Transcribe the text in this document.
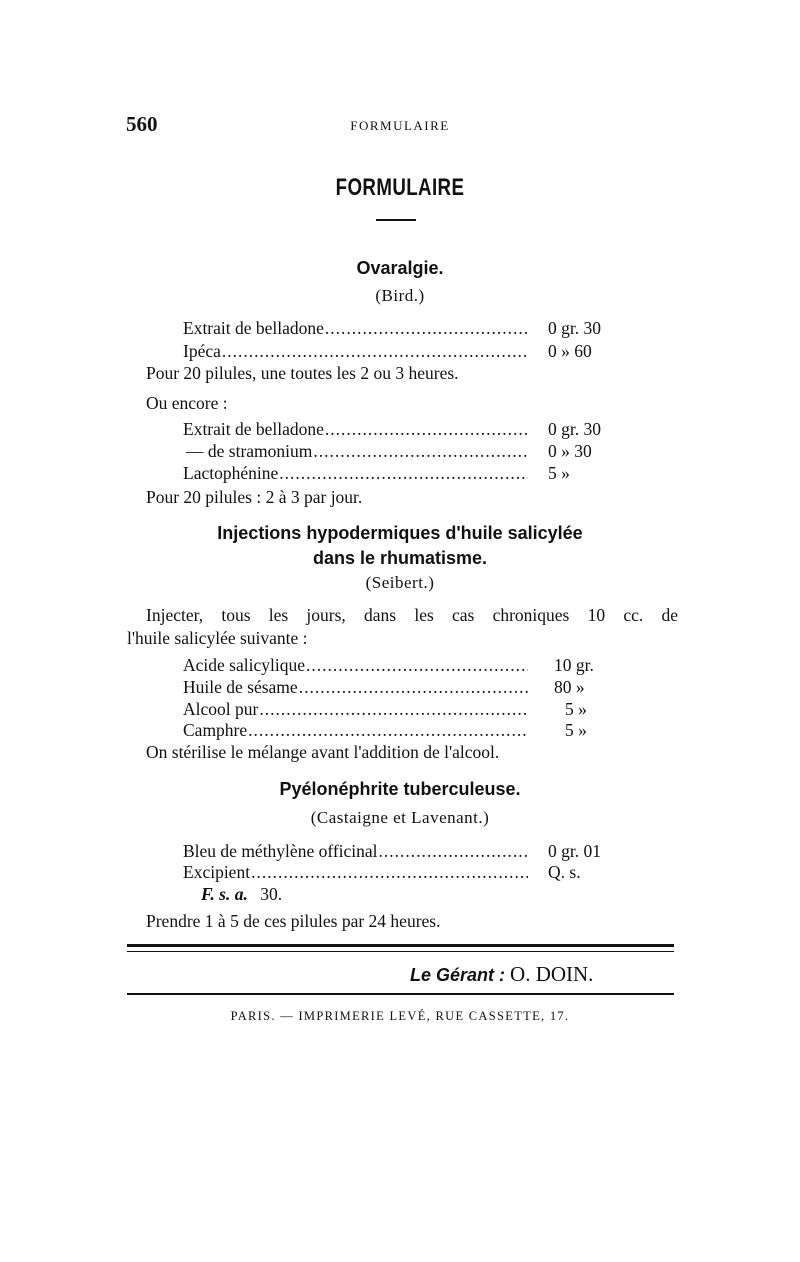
560	FORMULAIRE
FORMULAIRE
Ovaralgie.
(Bird.)
Extrait de belladone .....	0 gr. 30
Ipéca .....	0 » 60
Pour 20 pilules, une toutes les 2 ou 3 heures.
Ou encore :
Extrait de belladone .....	0 gr. 30
— de stramonium .....	0 » 30
Lactophénine .....	5 »
Pour 20 pilules : 2 à 3 par jour.
Injections hypodermiques d'huile salicylée
dans le rhumatisme.
(Seibert.)
Injecter, tous les jours, dans les cas chroniques 10 cc. de
l'huile salicylée suivante :
Acide salicylique .....	10 gr.
Huile de sésame .....	80 »
Alcool pur .....	5 »
Camphre .....	5 »
On stérilise le mélange avant l'addition de l'alcool.
Pyélonéphrite tuberculeuse.
(Castaigne et Lavenant.)
Bleu de méthylène officinal .....	0 gr. 01
Excipient .....	Q. s.
F. s. a. 30.
Prendre 1 à 5 de ces pilules par 24 heures.
Le Gérant : O. DOIN.
PARIS. — IMPRIMERIE LEVÉ, RUE CASSETTE, 17.
